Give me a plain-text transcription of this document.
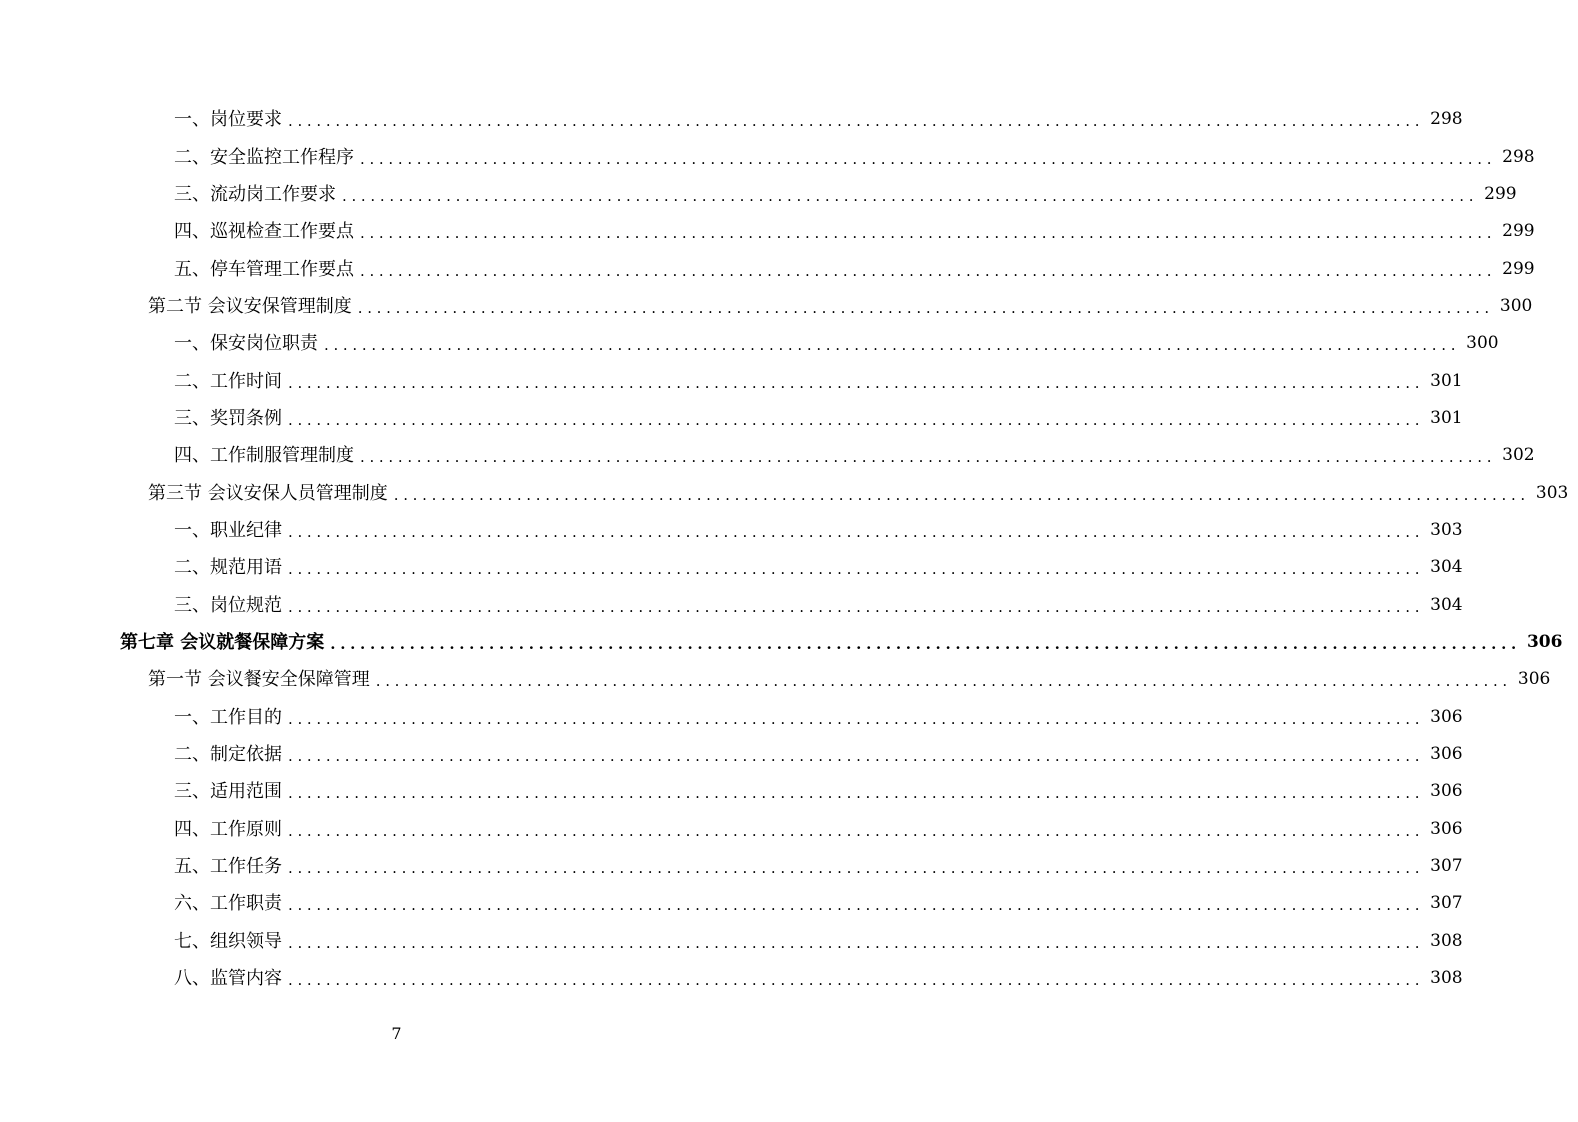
一、岗位要求 ........................................................................................................................ 298
二、安全监控工作程序 ........................................................................................................................ 298
三、流动岗工作要求 ........................................................................................................................ 299
四、巡视检查工作要点 ........................................................................................................................ 299
五、停车管理工作要点 ........................................................................................................................ 299
第二节 会议安保管理制度 ........................................................................................................................ 300
一、保安岗位职责 ........................................................................................................................ 300
二、工作时间 ........................................................................................................................ 301
三、奖罚条例 ........................................................................................................................ 301
四、工作制服管理制度 ........................................................................................................................ 302
第三节 会议安保人员管理制度 ........................................................................................................................ 303
一、职业纪律 ........................................................................................................................ 303
二、规范用语 ........................................................................................................................ 304
三、岗位规范 ........................................................................................................................ 304
第七章 会议就餐保障方案 ........................................................................................................................ 306
第一节 会议餐安全保障管理 ........................................................................................................................ 306
一、工作目的 ........................................................................................................................ 306
二、制定依据 ........................................................................................................................ 306
三、适用范围 ........................................................................................................................ 306
四、工作原则 ........................................................................................................................ 306
五、工作任务 ........................................................................................................................ 307
六、工作职责 ........................................................................................................................ 307
七、组织领导 ........................................................................................................................ 308
八、监管内容 ........................................................................................................................ 308
7
